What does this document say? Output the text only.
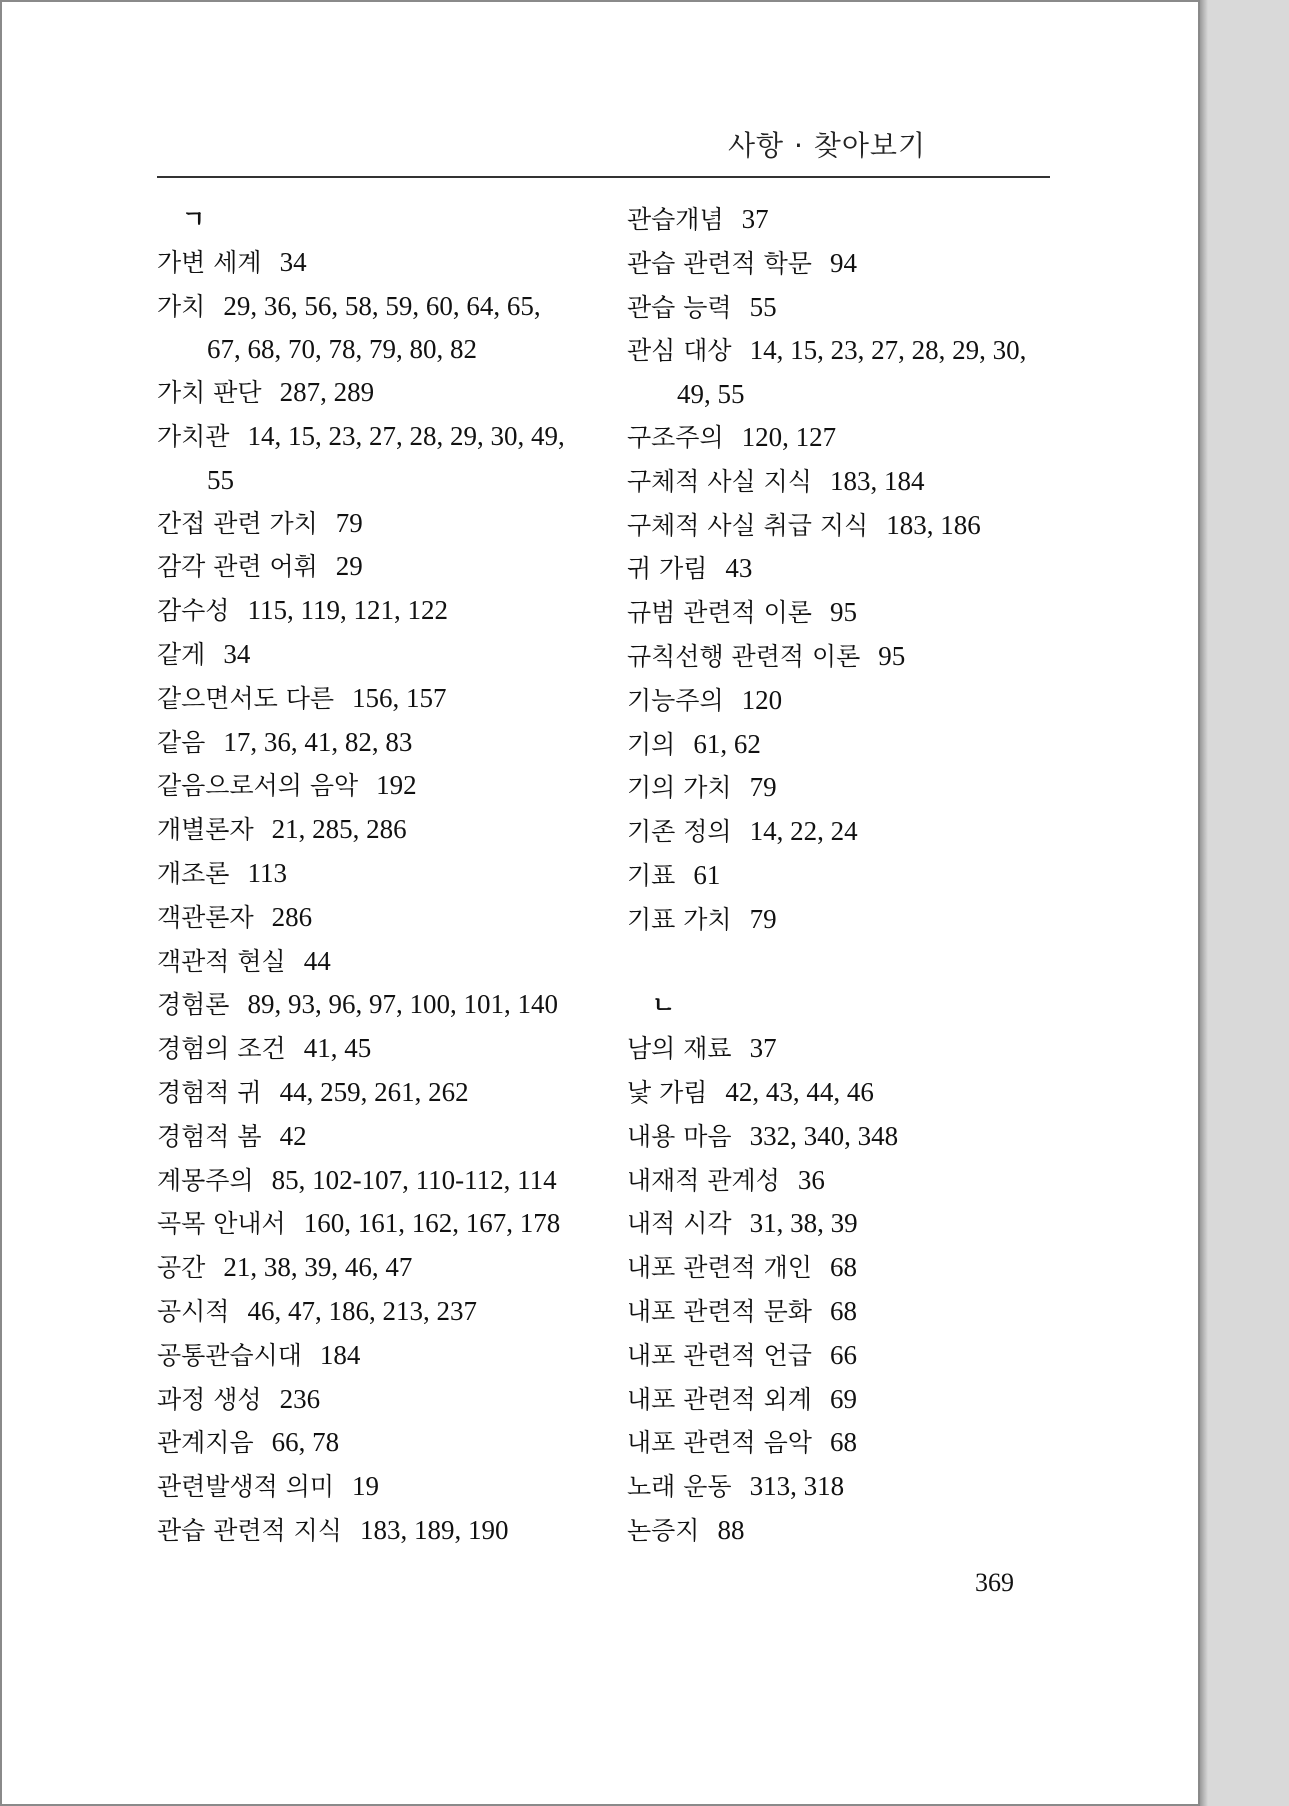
사항 · 찾아보기
ㄱ
가변 세계 34
가치 29, 36, 56, 58, 59, 60, 64, 65,
67, 68, 70, 78, 79, 80, 82
가치 판단 287, 289
가치관 14, 15, 23, 27, 28, 29, 30, 49,
55
간접 관련 가치 79
감각 관련 어휘 29
감수성 115, 119, 121, 122
같게 34
같으면서도 다른 156, 157
같음 17, 36, 41, 82, 83
같음으로서의 음악 192
개별론자 21, 285, 286
개조론 113
객관론자 286
객관적 현실 44
경험론 89, 93, 96, 97, 100, 101, 140
경험의 조건 41, 45
경험적 귀 44, 259, 261, 262
경험적 봄 42
계몽주의 85, 102-107, 110-112, 114
곡목 안내서 160, 161, 162, 167, 178
공간 21, 38, 39, 46, 47
공시적 46, 47, 186, 213, 237
공통관습시대 184
과정 생성 236
관계지음 66, 78
관련발생적 의미 19
관습 관련적 지식 183, 189, 190
관습개념 37
관습 관련적 학문 94
관습 능력 55
관심 대상 14, 15, 23, 27, 28, 29, 30,
49, 55
구조주의 120, 127
구체적 사실 지식 183, 184
구체적 사실 취급 지식 183, 186
귀 가림 43
규범 관련적 이론 95
규칙선행 관련적 이론 95
기능주의 120
기의 61, 62
기의 가치 79
기존 정의 14, 22, 24
기표 61
기표 가치 79
ㄴ
남의 재료 37
낯 가림 42, 43, 44, 46
내용 마음 332, 340, 348
내재적 관계성 36
내적 시각 31, 38, 39
내포 관련적 개인 68
내포 관련적 문화 68
내포 관련적 언급 66
내포 관련적 외계 69
내포 관련적 음악 68
노래 운동 313, 318
논증지 88
369
